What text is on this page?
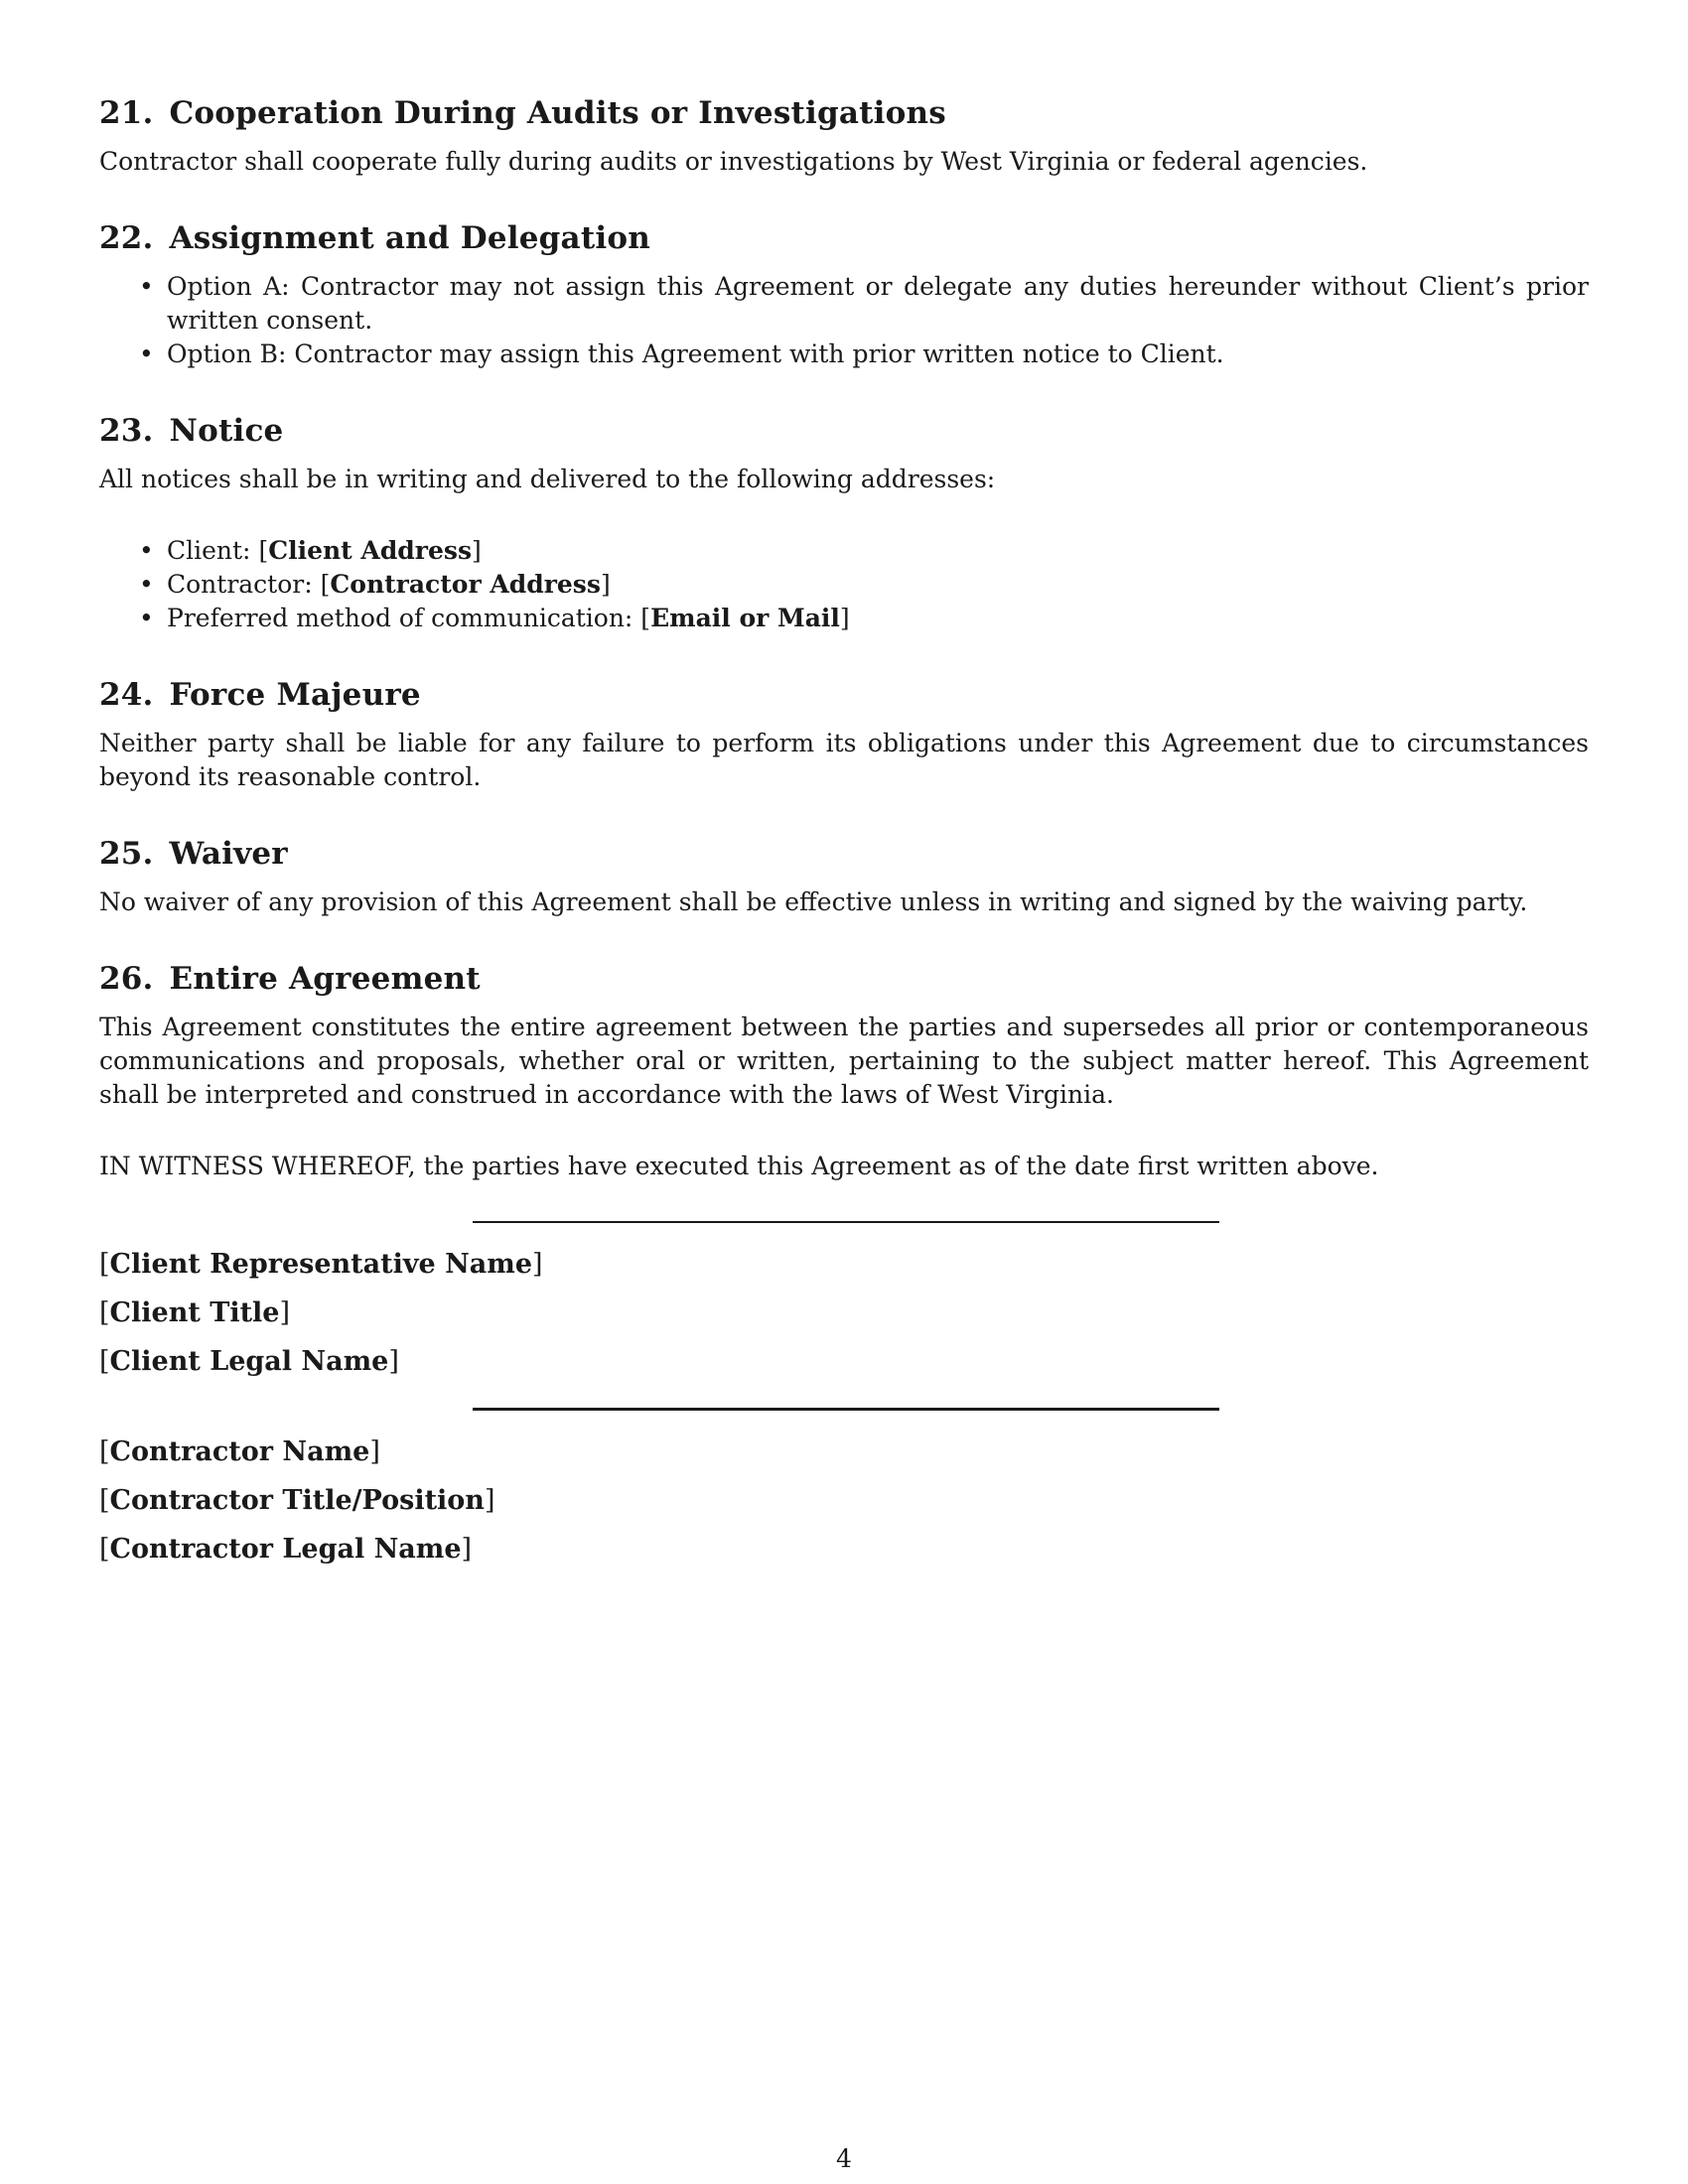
21. Cooperation During Audits or Investigations

Contractor shall cooperate fully during audits or investigations by West Virginia or federal agencies.

22. Assignment and Delegation
• Option A: Contractor may not assign this Agreement or delegate any duties hereunder without Client’s prior written consent.
• Option B: Contractor may assign this Agreement with prior written notice to Client.
23. Notice

All notices shall be in writing and delivered to the following addresses:

• Client: [Client Address]
• Contractor: [Contractor Address]
• Preferred method of communication: [Email or Mail]
24. Force Majeure

Neither party shall be liable for any failure to perform its obligations under this Agreement due to circumstances beyond its reasonable control.

25. Waiver

No waiver of any provision of this Agreement shall be effective unless in writing and signed by the waiving party.

26. Entire Agreement

This Agreement constitutes the entire agreement between the parties and supersedes all prior or contemporaneous communications and proposals, whether oral or written, pertaining to the subject matter hereof. This Agreement shall be interpreted and construed in accordance with the laws of West Virginia.

IN WITNESS WHEREOF, the parties have executed this Agreement as of the date first written above.

[Client Representative Name]
[Client Title]
[Client Legal Name]
[Contractor Name]
[Contractor Title/Position]
[Contractor Legal Name]
4
